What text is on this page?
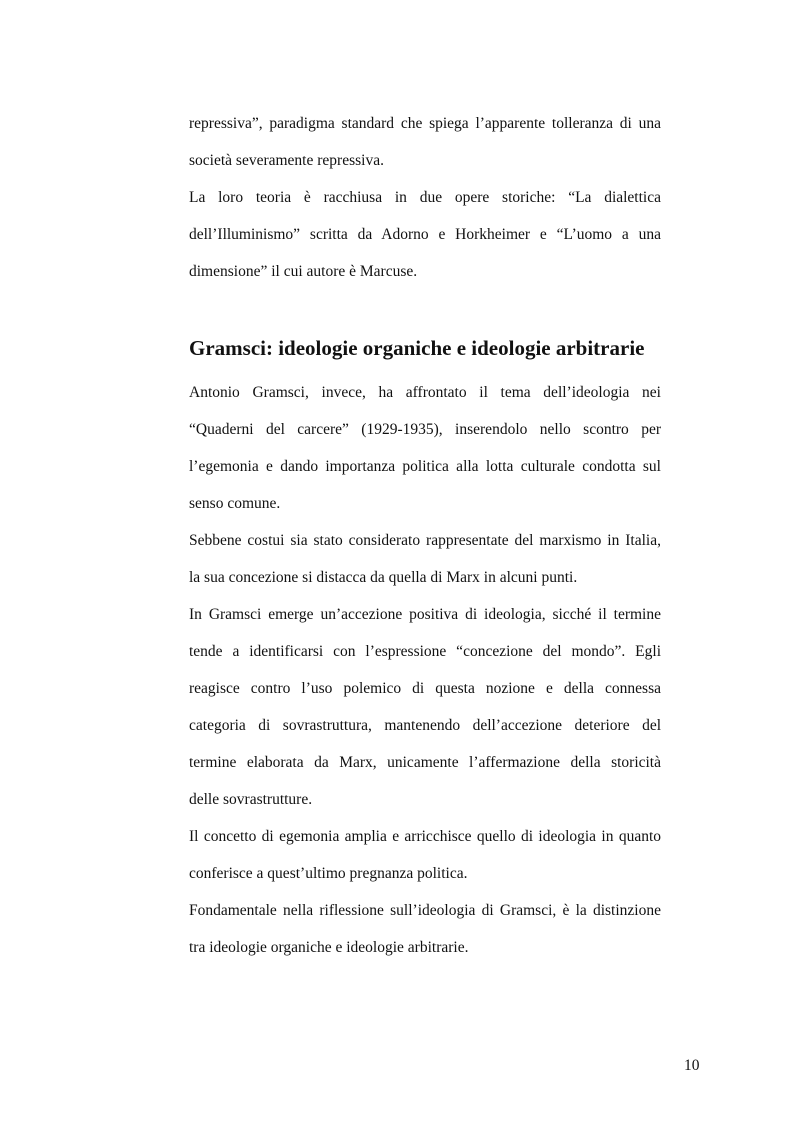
repressiva”, paradigma standard che spiega l’apparente tolleranza di una
società severamente repressiva.
La loro teoria è racchiusa in due opere storiche: “La dialettica
dell’Illuminismo” scritta da Adorno e Horkheimer e “L’uomo a una
dimensione” il cui autore è Marcuse.
Gramsci: ideologie organiche e ideologie arbitrarie
Antonio Gramsci, invece, ha affrontato il tema dell’ideologia nei
“Quaderni del carcere” (1929-1935), inserendolo nello scontro per
l’egemonia e dando importanza politica alla lotta culturale condotta sul
senso comune.
Sebbene costui sia stato considerato rappresentate del marxismo in Italia,
la sua concezione si distacca da quella di Marx in alcuni punti.
In Gramsci emerge un’accezione positiva di ideologia, sicché il termine
tende a identificarsi con l’espressione “concezione del mondo”. Egli
reagisce contro l’uso polemico di questa nozione e della connessa
categoria di sovrastruttura, mantenendo dell’accezione deteriore del
termine elaborata da Marx, unicamente l’affermazione della storicità
delle sovrastrutture.
Il concetto di egemonia amplia e arricchisce quello di ideologia in quanto
conferisce a quest’ultimo pregnanza politica.
Fondamentale nella riflessione sull’ideologia di Gramsci, è la distinzione
tra ideologie organiche e ideologie arbitrarie.
10
